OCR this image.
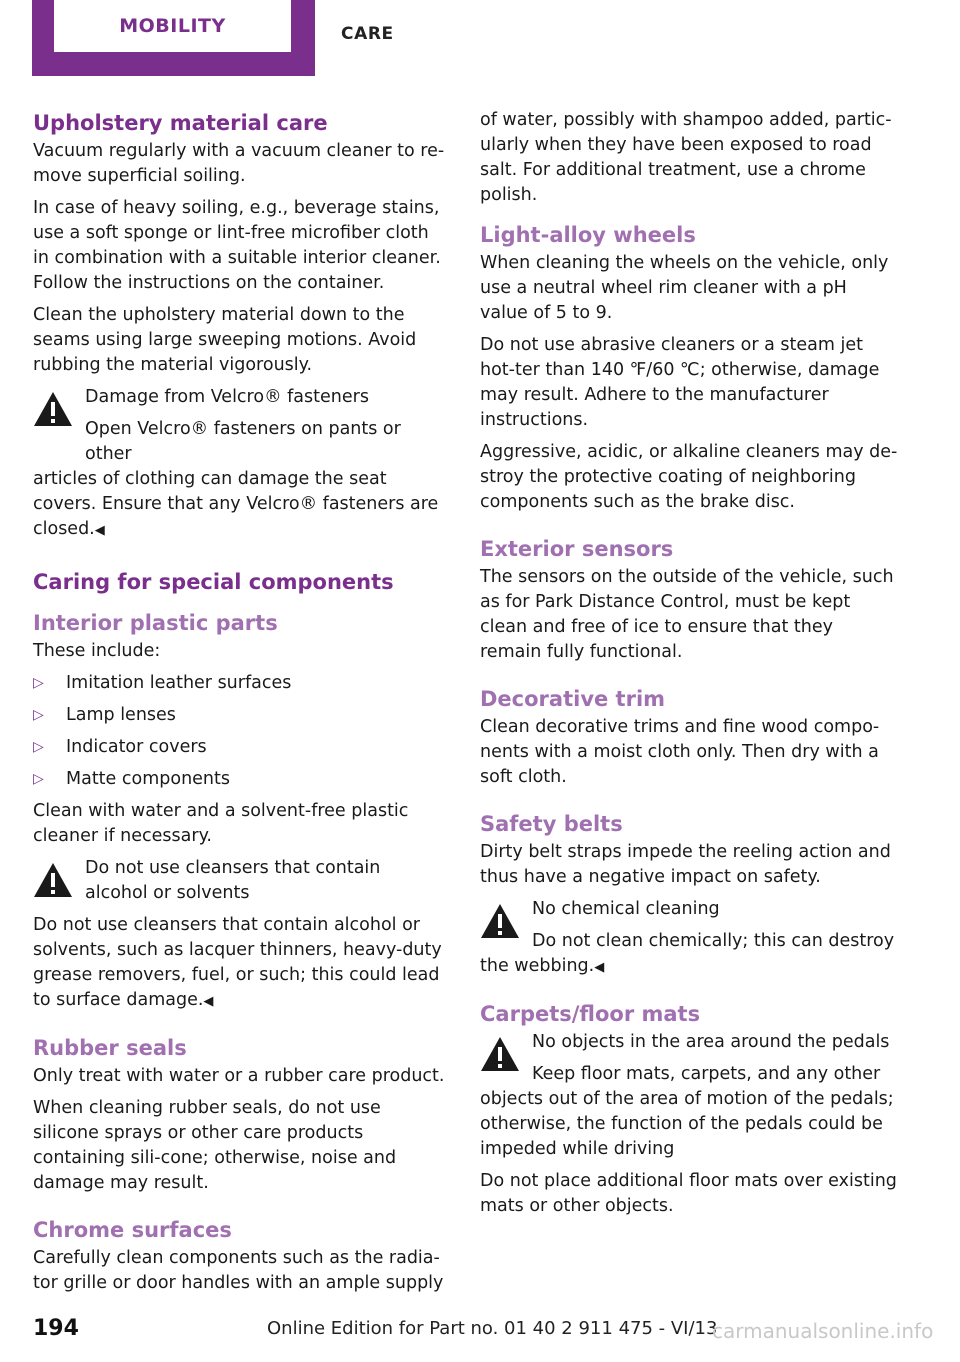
MOBILITY	CARE
Upholstery material care

Vacuum regularly with a vacuum cleaner to re‐move superficial soiling.

In case of heavy soiling, e.g., beverage stains, use a soft sponge or lint-free microfiber cloth in combination with a suitable interior cleaner. Follow the instructions on the container.

Clean the upholstery material down to the seams using large sweeping motions. Avoid rubbing the material vigorously.

Damage from Velcro® fasteners
Open Velcro® fasteners on pants or other
articles of clothing can damage the seat covers. Ensure that any Velcro® fasteners are closed.◀
Caring for special components
Interior plastic parts

These include:

▷ Imitation leather surfaces
▷ Lamp lenses
▷ Indicator covers
▷ Matte components

Clean with water and a solvent-free plastic cleaner if necessary.

Do not use cleansers that contain alcohol or solvents
Do not use cleansers that contain alcohol or solvents, such as lacquer thinners, heavy-duty grease removers, fuel, or such; this could lead to surface damage.◀
Rubber seals

Only treat with water or a rubber care product.

When cleaning rubber seals, do not use silicone sprays or other care products containing sili‐cone; otherwise, noise and damage may result.

Chrome surfaces

Carefully clean components such as the radia‐tor grille or door handles with an ample supply

of water, possibly with shampoo added, partic‐ularly when they have been exposed to road salt. For additional treatment, use a chrome polish.

Light-alloy wheels

When cleaning the wheels on the vehicle, only use a neutral wheel rim cleaner with a pH value of 5 to 9.

Do not use abrasive cleaners or a steam jet hot‐ter than 140 ℉/60 ℃; otherwise, damage may result. Adhere to the manufacturer instructions.

Aggressive, acidic, or alkaline cleaners may de‐stroy the protective coating of neighboring components such as the brake disc.

Exterior sensors

The sensors on the outside of the vehicle, such as for Park Distance Control, must be kept clean and free of ice to ensure that they remain fully functional.

Decorative trim

Clean decorative trims and fine wood compo‐nents with a moist cloth only. Then dry with a soft cloth.

Safety belts

Dirty belt straps impede the reeling action and thus have a negative impact on safety.

No chemical cleaning
Do not clean chemically; this can destroy
the webbing.◀
Carpets/floor mats
No objects in the area around the pedals
Keep floor mats, carpets, and any other
objects out of the area of motion of the pedals; otherwise, the function of the pedals could be impeded while driving

Do not place additional floor mats over existing mats or other objects.

194	Online Edition for Part no. 01 40 2 911 475 - VI/13
carmanualsonline.info
